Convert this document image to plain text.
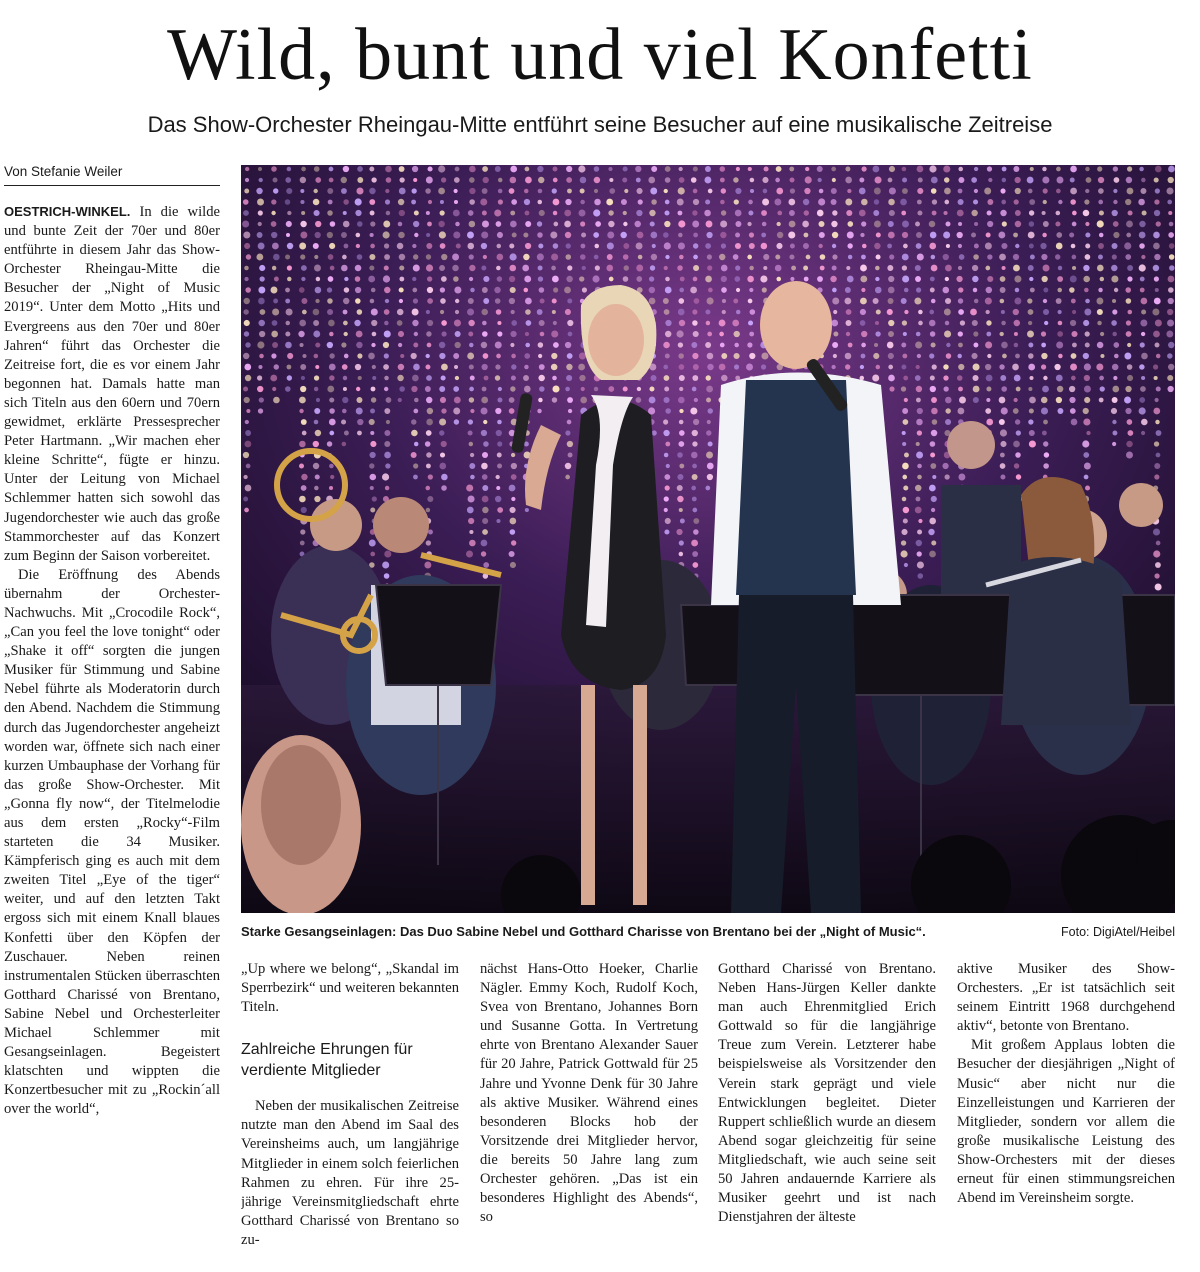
Wild, bunt und viel Konfetti
Das Show-Orchester Rheingau-Mitte entführt seine Besucher auf eine musikalische Zeitreise
Von Stefanie Weiler

OESTRICH-WINKEL. In die wilde und bunte Zeit der 70er und 80er entführte in diesem Jahr das Show-Orchester Rheingau-Mitte die Besucher der „Night of Music 2019“. Unter dem Motto „Hits und Evergreens aus den 70er und 80er Jahren“ führt das Orchester die Zeitreise fort, die es vor einem Jahr begonnen hat. Damals hatte man sich Titeln aus den 60ern und 70ern gewidmet, erklärte Pressesprecher Peter Hartmann. „Wir machen eher kleine Schritte“, fügte er hinzu. Unter der Leitung von Michael Schlemmer hatten sich sowohl das Jugendorchester wie auch das große Stammorchester auf das Konzert zum Beginn der Saison vorbereitet.

Die Eröffnung des Abends übernahm der Orchester-Nachwuchs. Mit „Crocodile Rock“, „Can you feel the love tonight“ oder „Shake it off“ sorgten die jungen Musiker für Stimmung und Sabine Nebel führte als Moderatorin durch den Abend. Nachdem die Stimmung durch das Jugendorchester angeheizt worden war, öffnete sich nach einer kurzen Umbauphase der Vorhang für das große Show-Orchester. Mit „Gonna fly now“, der Titelmelodie aus dem ersten „Rocky“-Film starteten die 34 Musiker. Kämpferisch ging es auch mit dem zweiten Titel „Eye of the tiger“ weiter, und auf den letzten Takt ergoss sich mit einem Knall blaues Konfetti über den Köpfen der Zuschauer. Neben reinen instrumentalen Stücken überraschten Gotthard Charissé von Brentano, Sabine Nebel und Orchesterleiter Michael Schlemmer mit Gesangseinlagen. Begeistert klatschten und wippten die Konzertbesucher mit zu „Rockin´all over the world“,

Starke Gesangseinlagen: Das Duo Sabine Nebel und Gotthard Charisse von Brentano bei der „Night of Music“.	Foto: DigiAtel/Heibel

„Up where we belong“, „Skandal im Sperrbezirk“ und weiteren bekannten Titeln.

Zahlreiche Ehrungen für verdiente Mitglieder

Neben der musikalischen Zeitreise nutzte man den Abend im Saal des Vereinsheims auch, um langjährige Mitglieder in einem solch feierlichen Rahmen zu ehren. Für ihre 25-jährige Vereinsmitgliedschaft ehrte Gotthard Charissé von Brentano so zu-

nächst Hans-Otto Hoeker, Charlie Nägler. Emmy Koch, Rudolf Koch, Svea von Brentano, Johannes Born und Susanne Gotta. In Vertretung ehrte von Brentano Alexander Sauer für 20 Jahre, Patrick Gottwald für 25 Jahre und Yvonne Denk für 30 Jahre als aktive Musiker. Während eines besonderen Blocks hob der Vorsitzende drei Mitglieder hervor, die bereits 50 Jahre lang zum Orchester gehören. „Das ist ein besonderes Highlight des Abends“, so

Gotthard Charissé von Brentano. Neben Hans-Jürgen Keller dankte man auch Ehrenmitglied Erich Gottwald so für die langjährige Treue zum Verein. Letzterer habe beispielsweise als Vorsitzender den Verein stark geprägt und viele Entwicklungen begleitet. Dieter Ruppert schließlich wurde an diesem Abend sogar gleichzeitig für seine Mitgliedschaft, wie auch seine seit 50 Jahren andauernde Karriere als Musiker geehrt und ist nach Dienstjahren der älteste

aktive Musiker des Show-Orchesters. „Er ist tatsächlich seit seinem Eintritt 1968 durchgehend aktiv“, betonte von Brentano.

Mit großem Applaus lobten die Besucher der diesjährigen „Night of Music“ aber nicht nur die Einzelleistungen und Karrieren der Mitglieder, sondern vor allem die große musikalische Leistung des Show-Orchesters mit der dieses erneut für einen stimmungsreichen Abend im Vereinsheim sorgte.
